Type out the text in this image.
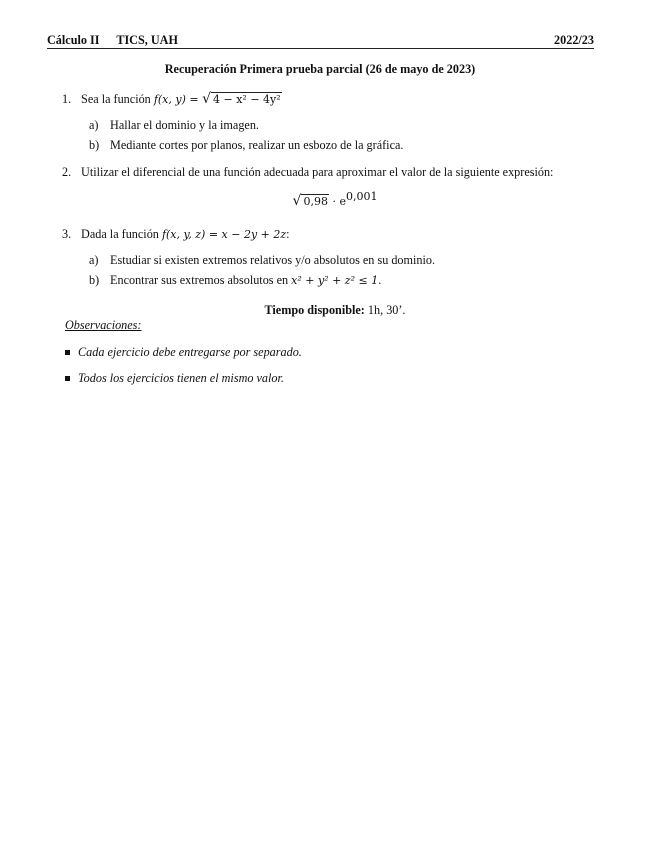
Cálculo II TICS, UAH	2022/23
Recuperación Primera prueba parcial (26 de mayo de 2023)
1. Sea la función f(x, y) = √ 4 − x² − 4y²
a) Hallar el dominio y la imagen.
b) Mediante cortes por planos, realizar un esbozo de la gráfica.
2. Utilizar el diferencial de una función adecuada para aproximar el valor de la siguiente expresión:
√ $0,98 \cdot e^{0,001}$
3. Dada la función f(x, y, z) = x − 2y + 2z:
a) Estudiar si existen extremos relativos y/o absolutos en su dominio.
b) Encontrar sus extremos absolutos en x² + y² + z² ≤ 1.
Tiempo disponible: 1h, 30’.
Observaciones:
Cada ejercicio debe entregarse por separado.
Todos los ejercicios tienen el mismo valor.
